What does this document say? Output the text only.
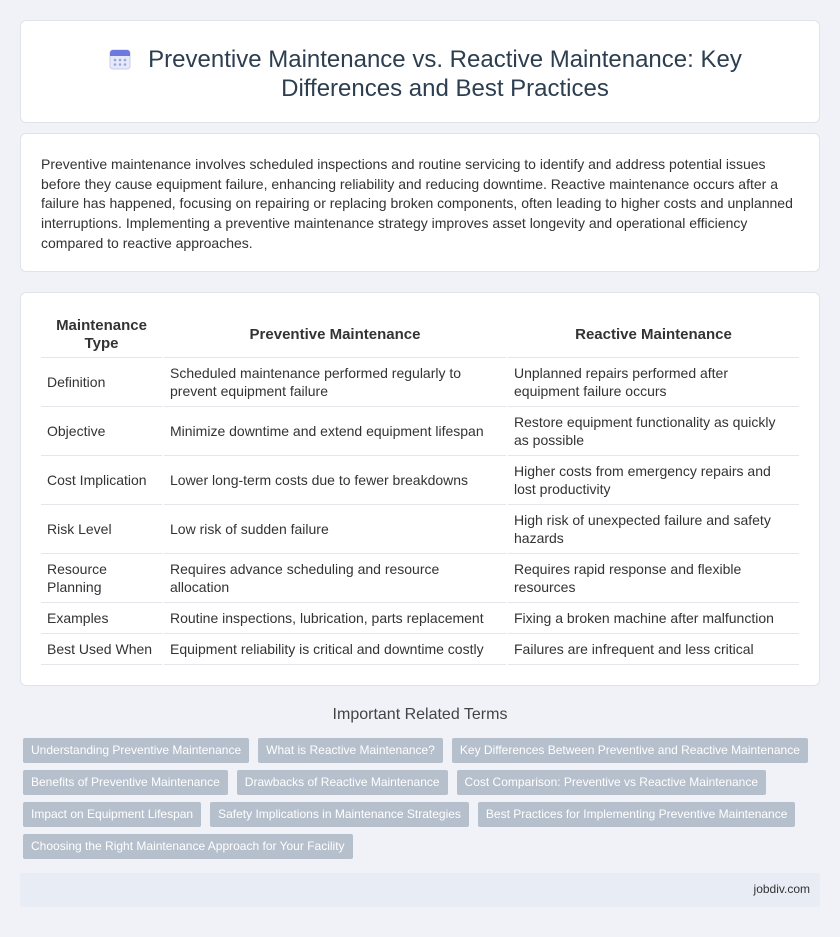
Preventive Maintenance vs. Reactive Maintenance: Key Differences and Best Practices

Preventive maintenance involves scheduled inspections and routine servicing to identify and address potential issues before they cause equipment failure, enhancing reliability and reducing downtime. Reactive maintenance occurs after a failure has happened, focusing on repairing or replacing broken components, often leading to higher costs and unplanned interruptions. Implementing a preventive maintenance strategy improves asset longevity and operational efficiency compared to reactive approaches.

Maintenance Type	Preventive Maintenance	Reactive Maintenance
Definition	Scheduled maintenance performed regularly to prevent equipment failure	Unplanned repairs performed after equipment failure occurs
Objective	Minimize downtime and extend equipment lifespan	Restore equipment functionality as quickly as possible
Cost Implication	Lower long-term costs due to fewer breakdowns	Higher costs from emergency repairs and lost productivity
Risk Level	Low risk of sudden failure	High risk of unexpected failure and safety hazards
Resource Planning	Requires advance scheduling and resource allocation	Requires rapid response and flexible resources
Examples	Routine inspections, lubrication, parts replacement	Fixing a broken machine after malfunction
Best Used When	Equipment reliability is critical and downtime costly	Failures are infrequent and less critical
Important Related Terms
Understanding Preventive Maintenance	What is Reactive Maintenance?	Key Differences Between Preventive and Reactive Maintenance
Benefits of Preventive Maintenance	Drawbacks of Reactive Maintenance	Cost Comparison: Preventive vs Reactive Maintenance
Impact on Equipment Lifespan	Safety Implications in Maintenance Strategies	Best Practices for Implementing Preventive Maintenance
Choosing the Right Maintenance Approach for Your Facility
jobdiv.com
